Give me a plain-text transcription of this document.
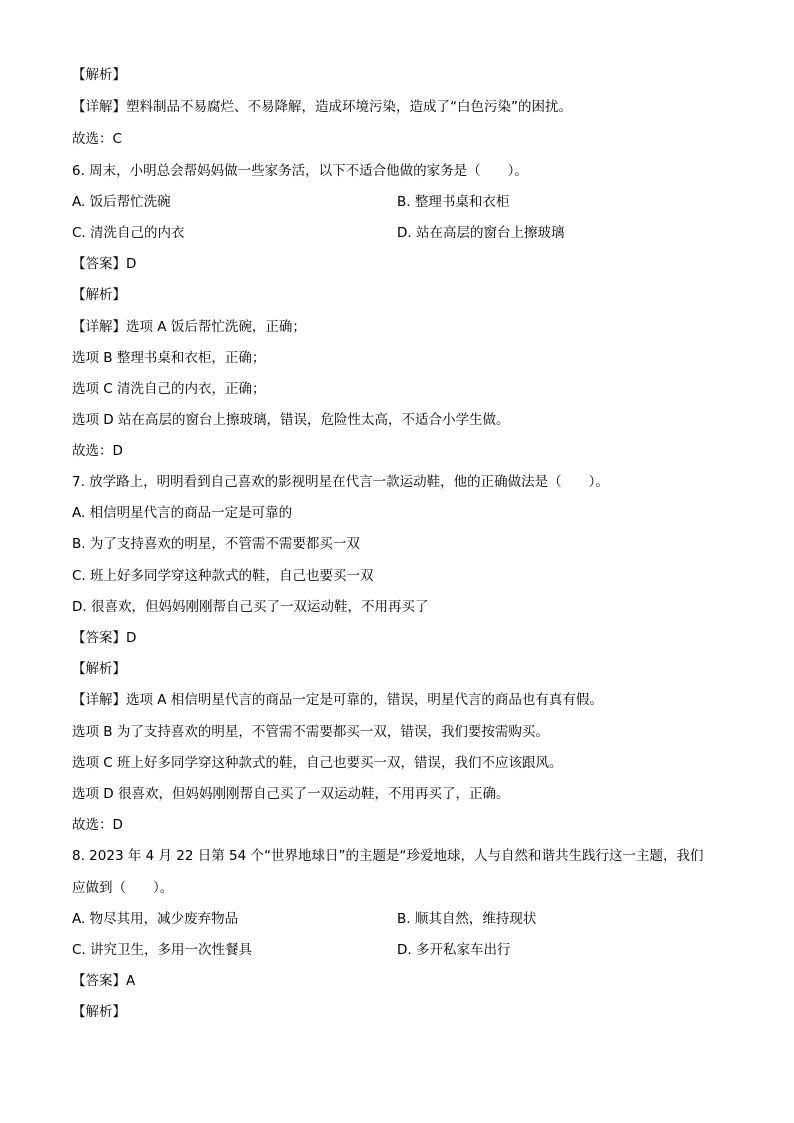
【解析】
【详解】塑料制品不易腐烂、不易降解，造成环境污染，造成了“白色污染”的困扰。
故选：C
6. 周末，小明总会帮妈妈做一些家务活，以下不适合他做的家务是（　　）。
A. 饭后帮忙洗碗	B. 整理书桌和衣柜
C. 清洗自己的内衣	D. 站在高层的窗台上擦玻璃
【答案】D
【解析】
【详解】选项 A 饭后帮忙洗碗，正确；
选项 B 整理书桌和衣柜，正确；
选项 C 清洗自己的内衣，正确；
选项 D 站在高层的窗台上擦玻璃，错误，危险性太高，不适合小学生做。
故选：D
7. 放学路上，明明看到自己喜欢的影视明星在代言一款运动鞋，他的正确做法是（　　）。
A. 相信明星代言的商品一定是可靠的
B. 为了支持喜欢的明星，不管需不需要都买一双
C. 班上好多同学穿这种款式的鞋，自己也要买一双
D. 很喜欢，但妈妈刚刚帮自己买了一双运动鞋，不用再买了
【答案】D
【解析】
【详解】选项 A 相信明星代言的商品一定是可靠的，错误，明星代言的商品也有真有假。
选项 B 为了支持喜欢的明星，不管需不需要都买一双，错误，我们要按需购买。
选项 C 班上好多同学穿这种款式的鞋，自己也要买一双，错误，我们不应该跟风。
选项 D 很喜欢，但妈妈刚刚帮自己买了一双运动鞋，不用再买了，正确。
故选：D
8. 2023 年 4 月 22 日第 54 个“世界地球日”的主题是“珍爱地球，人与自然和谐共生践行这一主题，我们
应做到（　　）。
A. 物尽其用，减少废弃物品	B. 顺其自然，维持现状
C. 讲究卫生，多用一次性餐具	D. 多开私家车出行
【答案】A
【解析】
